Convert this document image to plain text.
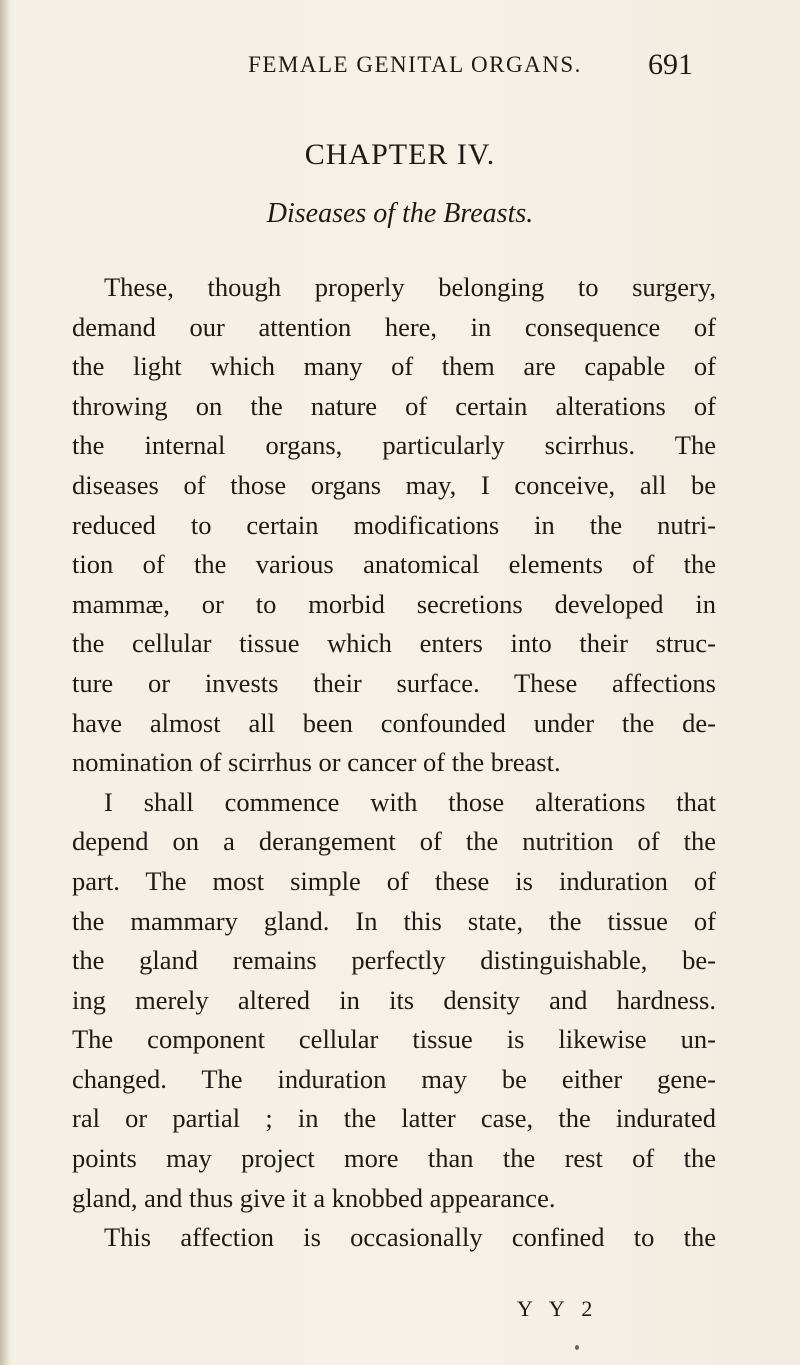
FEMALE GENITAL ORGANS.	691
CHAPTER IV.
Diseases of the Breasts.
These, though properly belonging to surgery,
demand our attention here, in consequence of
the light which many of them are capable of
throwing on the nature of certain alterations of
the internal organs, particularly scirrhus. The
diseases of those organs may, I conceive, all be
reduced to certain modifications in the nutri-
tion of the various anatomical elements of the
mammæ, or to morbid secretions developed in
the cellular tissue which enters into their struc-
ture or invests their surface. These affections
have almost all been confounded under the de-
nomination of scirrhus or cancer of the breast.
I shall commence with those alterations that
depend on a derangement of the nutrition of the
part. The most simple of these is induration of
the mammary gland. In this state, the tissue of
the gland remains perfectly distinguishable, be-
ing merely altered in its density and hardness.
The component cellular tissue is likewise un-
changed. The induration may be either gene-
ral or partial ; in the latter case, the indurated
points may project more than the rest of the
gland, and thus give it a knobbed appearance.
This affection is occasionally confined to the
Y Y 2
